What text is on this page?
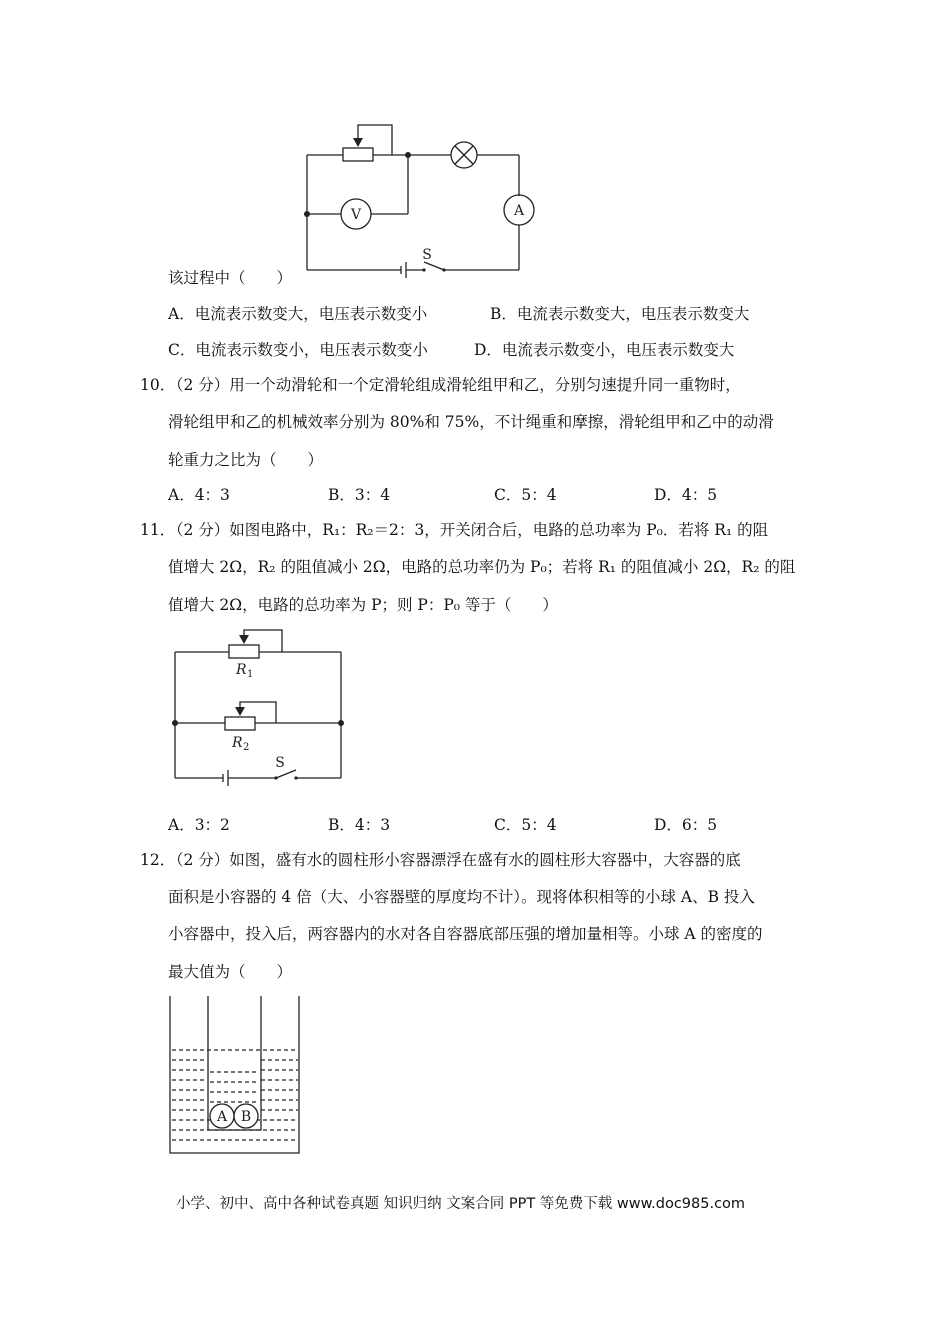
A
S
V
该过程中（　　）
A．电流表示数变大，电压表示数变小	B．电流表示数变大，电压表示数变大
C．电流表示数变小，电压表示数变小	D．电流表示数变小，电压表示数变大
10．
（2 分）用一个动滑轮和一个定滑轮组成滑轮组甲和乙，分别匀速提升同一重物时，
滑轮组甲和乙的机械效率分别为 80%和 75%，不计绳重和摩擦，滑轮组甲和乙中的动滑
轮重力之比为（　　）
A．4：3	B．3：4	C．5：4	D．4：5
11．
（2 分）如图电路中，R₁：R₂＝2：3，开关闭合后，电路的总功率为 P₀．若将 R₁ 的阻
值增大 2Ω，R₂ 的阻值减小 2Ω，电路的总功率仍为 P₀；若将 R₁ 的阻值减小 2Ω，R₂ 的阻
值增大 2Ω，电路的总功率为 P；则 P：P₀ 等于（　　）
R 1
R 2
S
A．3：2	B．4：3	C．5：4	D．6：5
12．
（2 分）如图，盛有水的圆柱形小容器漂浮在盛有水的圆柱形大容器中，大容器的底
面积是小容器的 4 倍（大、小容器壁的厚度均不计）。现将体积相等的小球 A、B 投入
小容器中，投入后，两容器内的水对各自容器底部压强的增加量相等。小球 A 的密度的
最大值为（　　）
A B
小学、初中、高中各种试卷真题 知识归纳 文案合同 PPT 等免费下载 www.doc985.com
